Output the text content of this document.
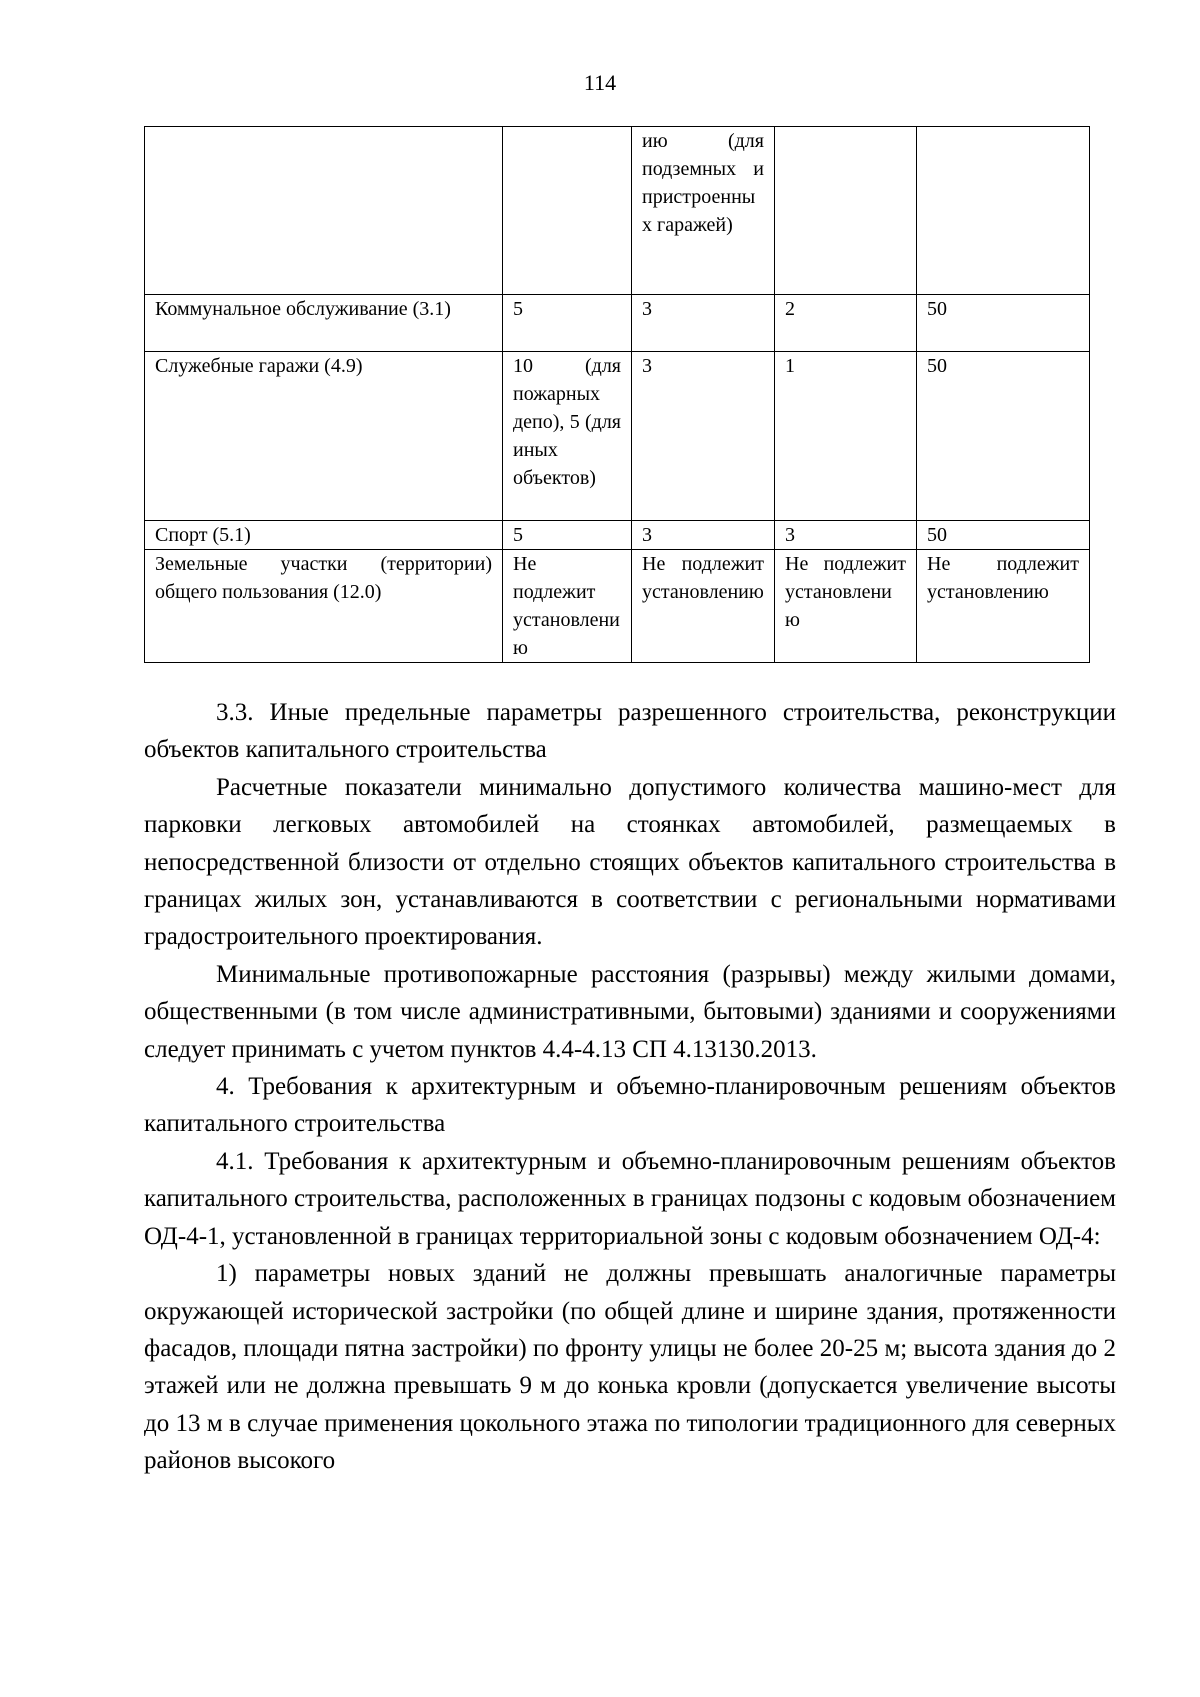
114
		ию (для подземных и пристроенных гаражей)		
Коммунальное обслуживание (3.1)	5	3	2	50
Служебные гаражи (4.9)	10 (для пожарных депо), 5 (для иных объектов)	3	1	50
Спорт (5.1)	5	3	3	50
Земельные участки (территории) общего пользования (12.0)	Не подлежит установлению	Не подлежит установлению	Не подлежит установлению	Не подлежит установлению

3.3. Иные предельные параметры разрешенного строительства, реконструкции объектов капитального строительства

Расчетные показатели минимально допустимого количества машино-мест для парковки легковых автомобилей на стоянках автомобилей, размещаемых в непосредственной близости от отдельно стоящих объектов капитального строительства в границах жилых зон, устанавливаются в соответствии с региональными нормативами градостроительного проектирования.

Минимальные противопожарные расстояния (разрывы) между жилыми домами, общественными (в том числе административными, бытовыми) зданиями и сооружениями следует принимать с учетом пунктов 4.4-4.13 СП 4.13130.2013.

4. Требования к архитектурным и объемно-планировочным решениям объектов капитального строительства

4.1. Требования к архитектурным и объемно-планировочным решениям объектов капитального строительства, расположенных в границах подзоны с кодовым обозначением ОД-4-1, установленной в границах территориальной зоны с кодовым обозначением ОД-4:

1) параметры новых зданий не должны превышать аналогичные параметры окружающей исторической застройки (по общей длине и ширине здания, протяженности фасадов, площади пятна застройки) по фронту улицы не более 20-25 м; высота здания до 2 этажей или не должна превышать 9 м до конька кровли (допускается увеличение высоты до 13 м в случае применения цокольного этажа по типологии традиционного для северных районов высокого
